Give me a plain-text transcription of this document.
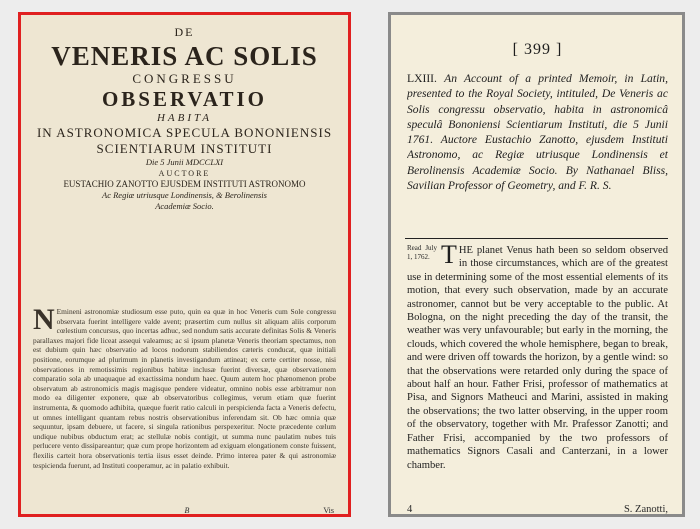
DE
VENERIS AC SOLIS
CONGRESSU
OBSERVATIO
HABITA
IN ASTRONOMICA SPECULA BONONIENSIS
SCIENTIARUM INSTITUTI
Die 5 Junii MDCCLXI
AUCTORE
EUSTACHIO ZANOTTO EJUSDEM INSTITUTI ASTRONOMO
Ac Regiæ utriusque Londinensis, & Berolinensis
Academiæ Socio.
N Emineni astronomiæ studiosum esse puto, quin ea quæ in hoc Veneris cum Sole congressu observata fuerint intelligere valde avent; præsertim cum nullus sit aliquam aliis corporum cœlestium concursus, quo incertas adhuc, sed nondum satis accurate definitas Solis & Veneris parallaxes majori fide liceat assequi valeamus; ac si ipsum planetæ Veneris theoriam spectamus, non est dubium quin hæc observatio ad locos nodorum stabiliendos cæteris conducat, quæ initiali positione, eorumque ad plurimum in planetis investigandum attineat; ex certe certiter nosse, nisi observationes in remotissimis regionibus habitæ inclusæ fuerint diversæ, quæ observationem comparatio sola ab unaquaque ad exactissima nondum haec. Quum autem hoc phænomenon probe observatum ab astronomicis magis magisque pendere videatur, omnino nobis esse arbitramur non modo ea diligenter exponere, quæ ab observatoribus collegimus, verum etiam quæ fuerint instrumenta, & quomodo adhibita, quæque fuerit ratio calculi in perspicienda facta a Veneris defectu, ut omnes intelligant quantam rebus nostris observationibus inferendam sit. Ob hæc omnia quæ sequuntur, ipsam debuere, ut facere, si singula rationibus perspexeritur. Nocte præcedente cœlum undique nubibus obductum erat; ac stellulæ nobis contigit, ut summa nunc paulatim nubes tuis perlucere vento dissipareantur; quæ cum prope horizontem ad exiguam elongationem conste fuissent, flexilis carteit hora observationis tertia iisus esset deinde. Primo interea pater & qui astronomiæ tespicienda fuerunt, ad Instituti cooperamur, ac in palatio exhibuit.
B	Vis
[ 399 ]
LXIII. An Account of a printed Memoir, in Latin, presented to the Royal Society, intituled, De Veneris ac Solis congressu observatio, habita in astronomicâ speculâ Bononiensi Scientiarum Instituti, die 5 Junii 1761. Auctore Eustachio Zanotto, ejusdem Instituti Astronomo, ac Regiæ utriusque Londinensis et Berolinensis Academiæ Socio. By Nathanael Bliss, Savilian Professor of Geometry, and F. R. S.
Read July 1, 1762. T HE planet Venus hath been so seldom observed in those circumstances, which are of the greatest use in determining some of the most essential elements of its motion, that every such observation, made by an accurate astronomer, cannot but be very acceptable to the public. At Bologna, on the night preceding the day of the transit, the weather was very unfavourable; but early in the morning, the clouds, which covered the whole hemisphere, began to break, and were driven off towards the horizon, by a gentle wind: so that the observations were retarded only during the space of about half an hour. Father Frisi, professor of mathematics at Pisa, and Signors Matheuci and Marini, assisted in making the observations; the two latter observing, in the upper room of the observatory, together with Mr. Prafessor Zanotti; and Father Frisi, accompanied by the two professors of mathematics Signors Casali and Canterzani, in a lower chamber.
4	S. Zanotti,
